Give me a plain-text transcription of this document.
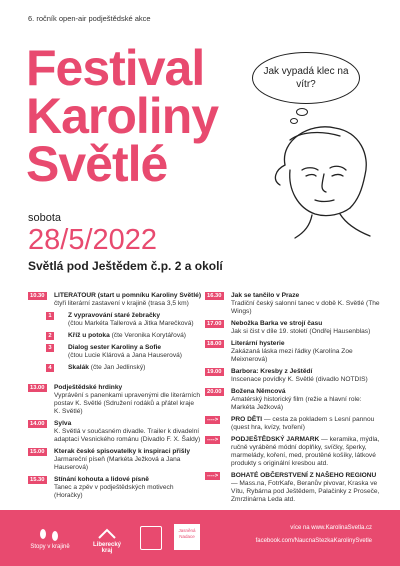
6. ročník open-air podještědské akce
Festival
Karoliny
Světlé
Jak vypadá klec na vítr?
sobota
28/5/2022
Světlá pod Ještědem č.p. 2 a okolí
10.30	LITERATOUR (start u pomníku Karoliny Světlé)
čtyři literární zastavení v krajině (trasa 3,5 km)
1	Z vypravování staré žebračky
(čtou Markéta Tallerová a Jitka Marečková)
2	Kříž u potoka (čte Veronika Korytářová)
3	Dialog sester Karoliny a Sofie
(čtou Lucie Klárová a Jana Hauserová)
4	Skalák (čte Jan Jedlinský)
13.00	Podještědské hrdinky
Vyprávění s panenkami upravenými dle literárních postav K. Světlé (Sdružení rodáků a přátel kraje K. Světlé)
14.00	Sylva
K. Světlá v současném divadle. Trailer k divadelní adaptaci Vesnického románu (Divadlo F. X. Šaldy)
15.00	Kterak české spisovatelky k inspiraci přišly
Jarmareční píseň (Markéta Ježková a Jana Hauserová)
15.30	Stínání kohouta a lidové písně
Tanec a zpěv v podještědských motivech (Horačky)
16.30	Jak se tančilo v Praze
Tradiční český salonní tanec v době K. Světlé (The Wings)
17.00	Nebožka Barka ve strojí času
Jak si čist v díle 19. století (Ondřej Hausenblas)
18.00	Literární hysterie
Zakázaná láska mezi řádky (Karolína Zoe Meixnerová)
19.00	Barbora: Kresby z Ještědí
Inscenace povídky K. Světlé (divadlo NOTDIS)
20.00	Božena Němcová
Amatérský historický film (režie a hlavní role: Markéta Ježková)
---->	PRO DĚTI — cesta za pokladem s Lesní pannou (quest hra, kvízy, tvoření)
---->	PODJEŠTĚDSKÝ JARMARK — keramika, mýdla, ručně vyráběné módní doplňky, svíčky, šperky, marmelády, koření, med, proutěné košíky, látkové produkty s originální kresbou atd.
---->	BOHATÉ OBČERSTVENÍ Z NAŠEHO REGIONU — Mass.na, FotrKafe, Beranův pivovar, Kraska ve Vítu, Rybárna pod Ještědem, Palačinky z Proseče, Zmrzlinárna Leda atd.

Stopy v krajině	Liberecký kraj
Jasněná Nadace
více na www.KarolinaSvetla.cz
facebook.com/NaucnaStezkaKarolinySvetle
